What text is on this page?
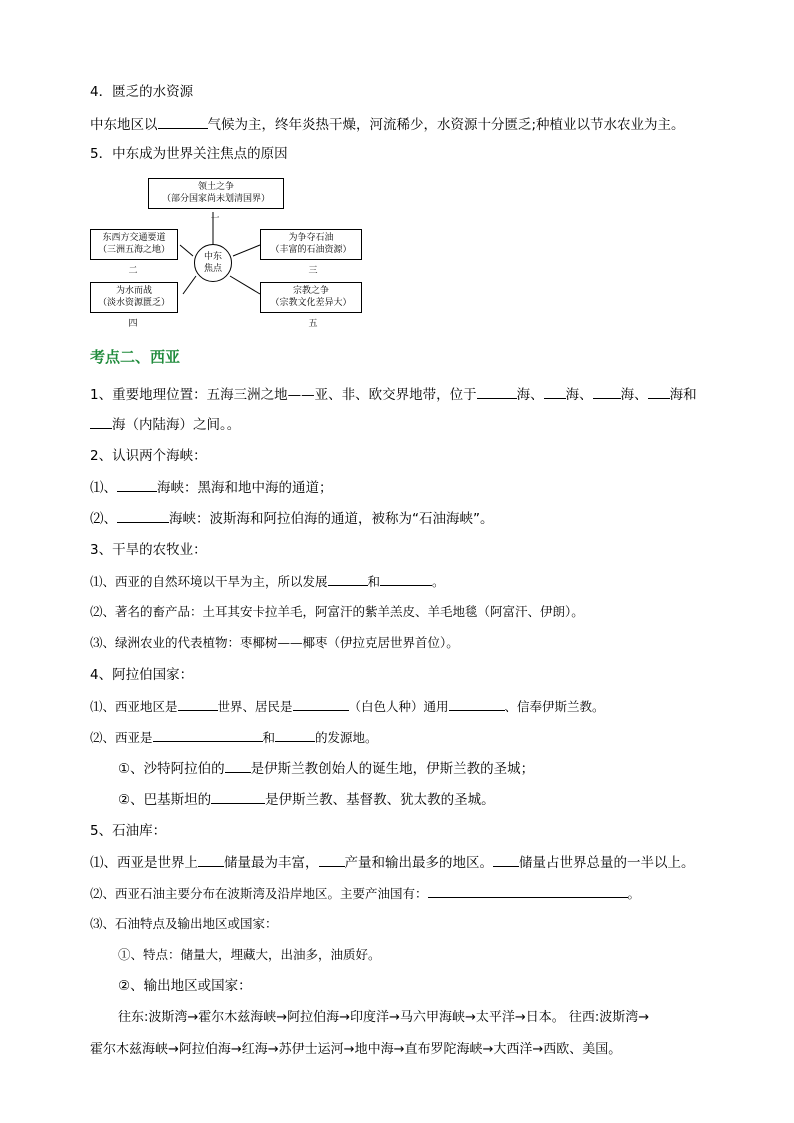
4．匮乏的水资源
中东地区以	气候为主，终年炎热干燥，河流稀少，水资源十分匮乏;种植业以节水农业为主。
5．中东成为世界关注焦点的原因
中东
焦点
领土之争
（部分国家尚未划清国界）
一
东西方交通要道
（三洲五海之地）
二
为争夺石油
（丰富的石油资源）
三
为水而战
（淡水资源匮乏）
四
宗教之争
（宗教文化差异大）
五
考点二、西亚
1、重要地理位置：五海三洲之地——亚、非、欧交界地带，位于	海、 海、 海、 海和
海（内陆海）之间。。
2、认识两个海峡：
⑴、	海峡：黑海和地中海的通道；
⑵、	海峡：波斯海和阿拉伯海的通道，被称为“石油海峡”。
3、干旱的农牧业：
⑴、西亚的自然环境以干旱为主，所以发展	和	。
⑵、著名的畜产品：土耳其安卡拉羊毛，阿富汗的紫羊羔皮、羊毛地毯（阿富汗、伊朗）。
⑶、绿洲农业的代表植物：枣椰树——椰枣（伊拉克居世界首位）。
4、阿拉伯国家：
⑴、西亚地区是	世界、居民是	（白色人种）通用	、信奉伊斯兰教。
⑵、西亚是	和	的发源地。
①、沙特阿拉伯的 是伊斯兰教创始人的诞生地，伊斯兰教的圣城；
②、巴基斯坦的	是伊斯兰教、基督教、犹太教的圣城。
5、石油库：
⑴、西亚是世界上 储量最为丰富， 产量和输出最多的地区。 储量占世界总量的一半以上。
⑵、西亚石油主要分布在波斯湾及沿岸地区。主要产油国有：	。
⑶、石油特点及输出地区或国家：
①、特点：储量大，埋藏大，出油多，油质好。
②、输出地区或国家：
往东:波斯湾→霍尔木兹海峡→阿拉伯海→印度洋→马六甲海峡→太平洋→日本。 往西:波斯湾→
霍尔木兹海峡→阿拉伯海→红海→苏伊士运河→地中海→直布罗陀海峡→大西洋→西欧、美国。
